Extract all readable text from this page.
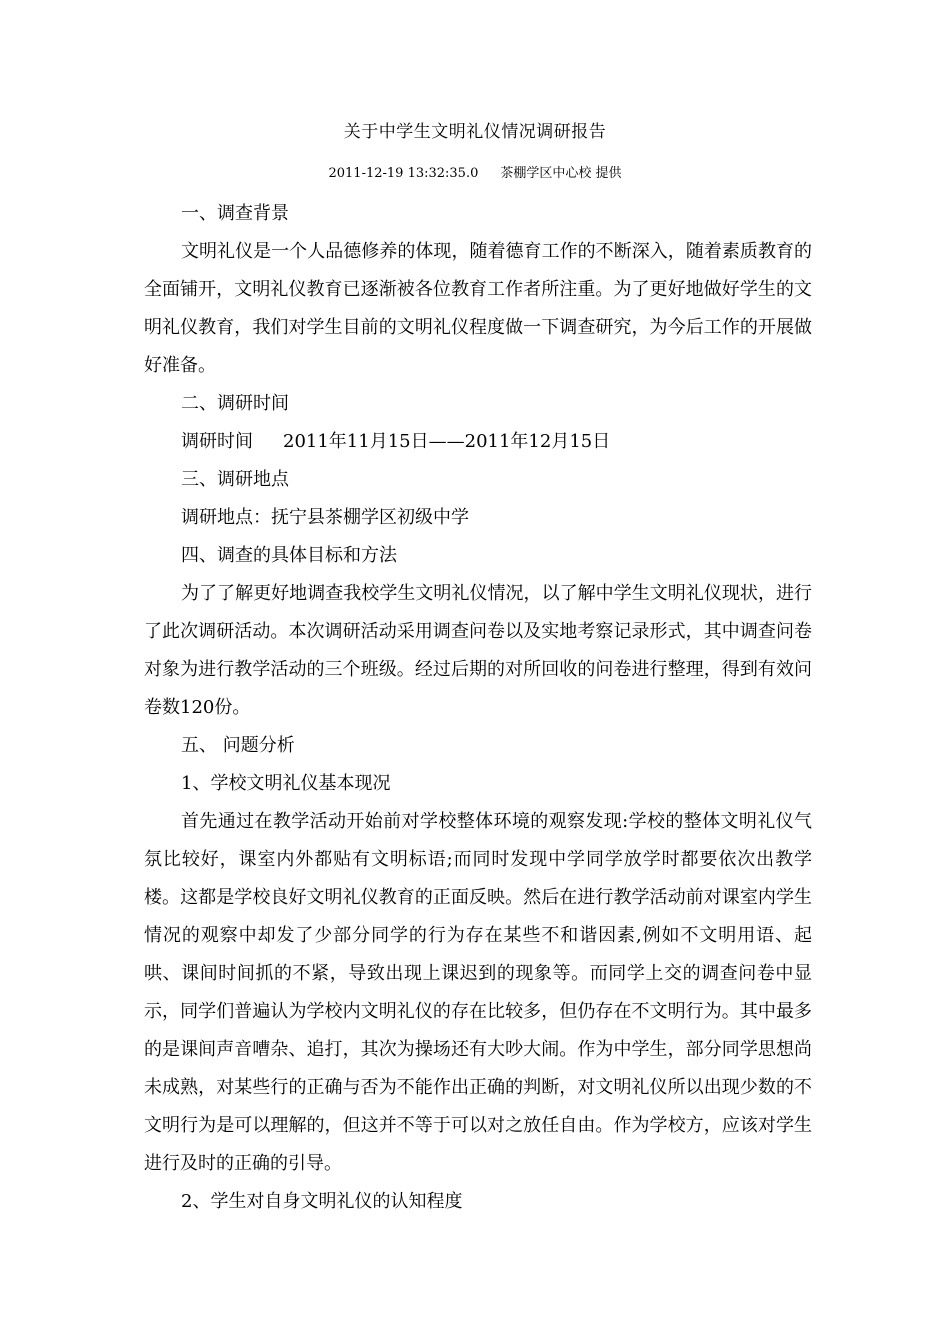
关于中学生文明礼仪情况调研报告
2011-12-19 13:32:35.0 茶棚学区中心校 提供

一、调查背景

文明礼仪是一个人品德修养的体现，随着德育工作的不断深入，随着素质教育的全面铺开，文明礼仪教育已逐渐被各位教育工作者所注重。为了更好地做好学生的文明礼仪教育，我们对学生目前的文明礼仪程度做一下调查研究，为今后工作的开展做好准备。

二、调研时间

调研时间 2011年11月15日——2011年12月15日

三、调研地点

调研地点：抚宁县茶棚学区初级中学

四、调查的具体目标和方法

为了了解更好地调查我校学生文明礼仪情况，以了解中学生文明礼仪现状，进行了此次调研活动。本次调研活动采用调查问卷以及实地考察记录形式，其中调查问卷对象为进行教学活动的三个班级。经过后期的对所回收的问卷进行整理，得到有效问卷数120份。

五、 问题分析

1、学校文明礼仪基本现况

首先通过在教学活动开始前对学校整体环境的观察发现:学校的整体文明礼仪气氛比较好，课室内外都贴有文明标语;而同时发现中学同学放学时都要依次出教学楼。这都是学校良好文明礼仪教育的正面反映。然后在进行教学活动前对课室内学生情况的观察中却发了少部分同学的行为存在某些不和谐因素,例如不文明用语、起哄、课间时间抓的不紧，导致出现上课迟到的现象等。而同学上交的调查问卷中显示，同学们普遍认为学校内文明礼仪的存在比较多，但仍存在不文明行为。其中最多的是课间声音嘈杂、追打，其次为操场还有大吵大闹。作为中学生，部分同学思想尚未成熟，对某些行的正确与否为不能作出正确的判断，对文明礼仪所以出现少数的不文明行为是可以理解的，但这并不等于可以对之放任自由。作为学校方，应该对学生进行及时的正确的引导。

2、学生对自身文明礼仪的认知程度
